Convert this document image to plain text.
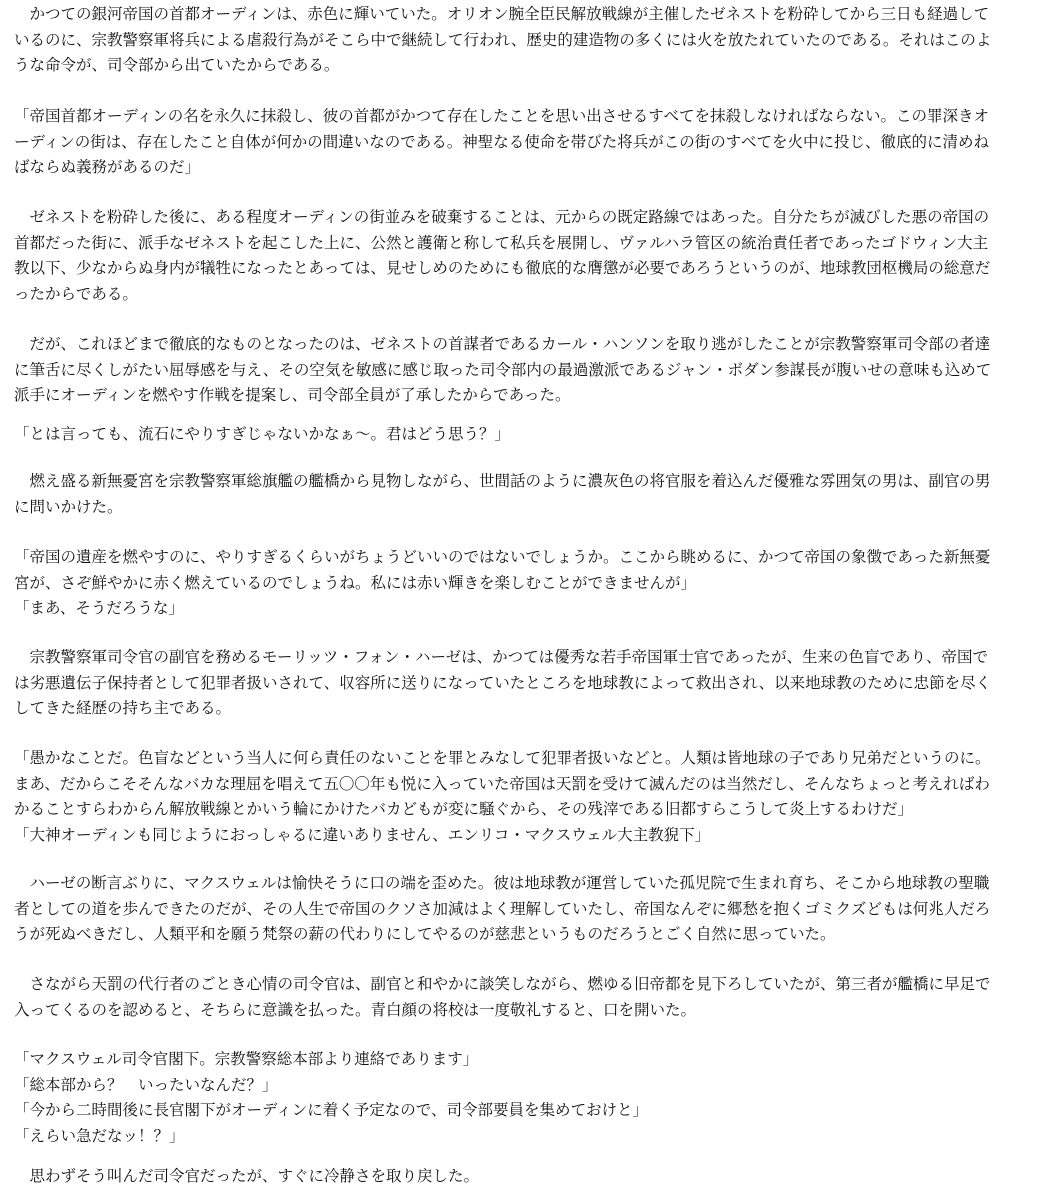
　かつての銀河帝国の首都オーディンは、赤色に輝いていた。オリオン腕全臣民解放戦線が主催したゼネストを粉砕してから三日も経過して
いるのに、宗教警察軍将兵による虐殺行為がそこら中で継続して行われ、歴史的建造物の多くには火を放たれていたのである。それはこのよ
うな命令が、司令部から出ていたからである。
「帝国首都オーディンの名を永久に抹殺し、彼の首都がかつて存在したことを思い出させるすべてを抹殺しなければならない。この罪深きオ
ーディンの街は、存在したこと自体が何かの間違いなのである。神聖なる使命を帯びた将兵がこの街のすべてを火中に投じ、徹底的に清めね
ばならぬ義務があるのだ」
　ゼネストを粉砕した後に、ある程度オーディンの街並みを破棄することは、元からの既定路線ではあった。自分たちが滅びした悪の帝国の
首都だった街に、派手なゼネストを起こした上に、公然と護衛と称して私兵を展開し、ヴァルハラ管区の統治責任者であったゴドウィン大主
教以下、少なからぬ身内が犠牲になったとあっては、見せしめのためにも徹底的な膺懲が必要であろうというのが、地球教団枢機局の総意だ
ったからである。
　だが、これほどまで徹底的なものとなったのは、ゼネストの首謀者であるカール・ハンソンを取り逃がしたことが宗教警察軍司令部の者達
に筆舌に尽くしがたい屈辱感を与え、その空気を敏感に感じ取った司令部内の最過激派であるジャン・ボダン参謀長が腹いせの意味も込めて
派手にオーディンを燃やす作戦を提案し、司令部全員が了承したからであった。
「とは言っても、流石にやりすぎじゃないかなぁ〜。君はどう思う？」
　燃え盛る新無憂宮を宗教警察軍総旗艦の艦橋から見物しながら、世間話のように濃灰色の将官服を着込んだ優雅な雰囲気の男は、副官の男
に問いかけた。
「帝国の遺産を燃やすのに、やりすぎるくらいがちょうどいいのではないでしょうか。ここから眺めるに、かつて帝国の象徴であった新無憂
宮が、さぞ鮮やかに赤く燃えているのでしょうね。私には赤い輝きを楽しむことができませんが」
「まあ、そうだろうな」
　宗教警察軍司令官の副官を務めるモーリッツ・フォン・ハーゼは、かつては優秀な若手帝国軍士官であったが、生来の色盲であり、帝国で
は劣悪遺伝子保持者として犯罪者扱いされて、収容所に送りになっていたところを地球教によって救出され、以来地球教のために忠節を尽く
してきた経歴の持ち主である。
「愚かなことだ。色盲などという当人に何ら責任のないことを罪とみなして犯罪者扱いなどと。人類は皆地球の子であり兄弟だというのに。
まあ、だからこそそんなバカな理屈を唱えて五〇〇年も悦に入っていた帝国は天罰を受けて滅んだのは当然だし、そんなちょっと考えればわ
かることすらわからん解放戦線とかいう輪にかけたバカどもが変に騒ぐから、その残滓である旧都すらこうして炎上するわけだ」
「大神オーディンも同じようにおっしゃるに違いありません、エンリコ・マクスウェル大主教猊下」
　ハーゼの断言ぶりに、マクスウェルは愉快そうに口の端を歪めた。彼は地球教が運営していた孤児院で生まれ育ち、そこから地球教の聖職
者としての道を歩んできたのだが、その人生で帝国のクソさ加減はよく理解していたし、帝国なんぞに郷愁を抱くゴミクズどもは何兆人だろ
うが死ぬべきだし、人類平和を願う梵祭の薪の代わりにしてやるのが慈悲というものだろうとごく自然に思っていた。
　さながら天罰の代行者のごとき心情の司令官は、副官と和やかに談笑しながら、燃ゆる旧帝都を見下ろしていたが、第三者が艦橋に早足で
入ってくるのを認めると、そちらに意識を払った。青白顔の将校は一度敬礼すると、口を開いた。
「マクスウェル司令官閣下。宗教警察総本部より連絡であります」
「総本部から？　いったいなんだ？」
「今から二時間後に長官閣下がオーディンに着く予定なので、司令部要員を集めておけと」
「えらい急だなッ！？」
　思わずそう叫んだ司令官だったが、すぐに冷静さを取り戻した。
